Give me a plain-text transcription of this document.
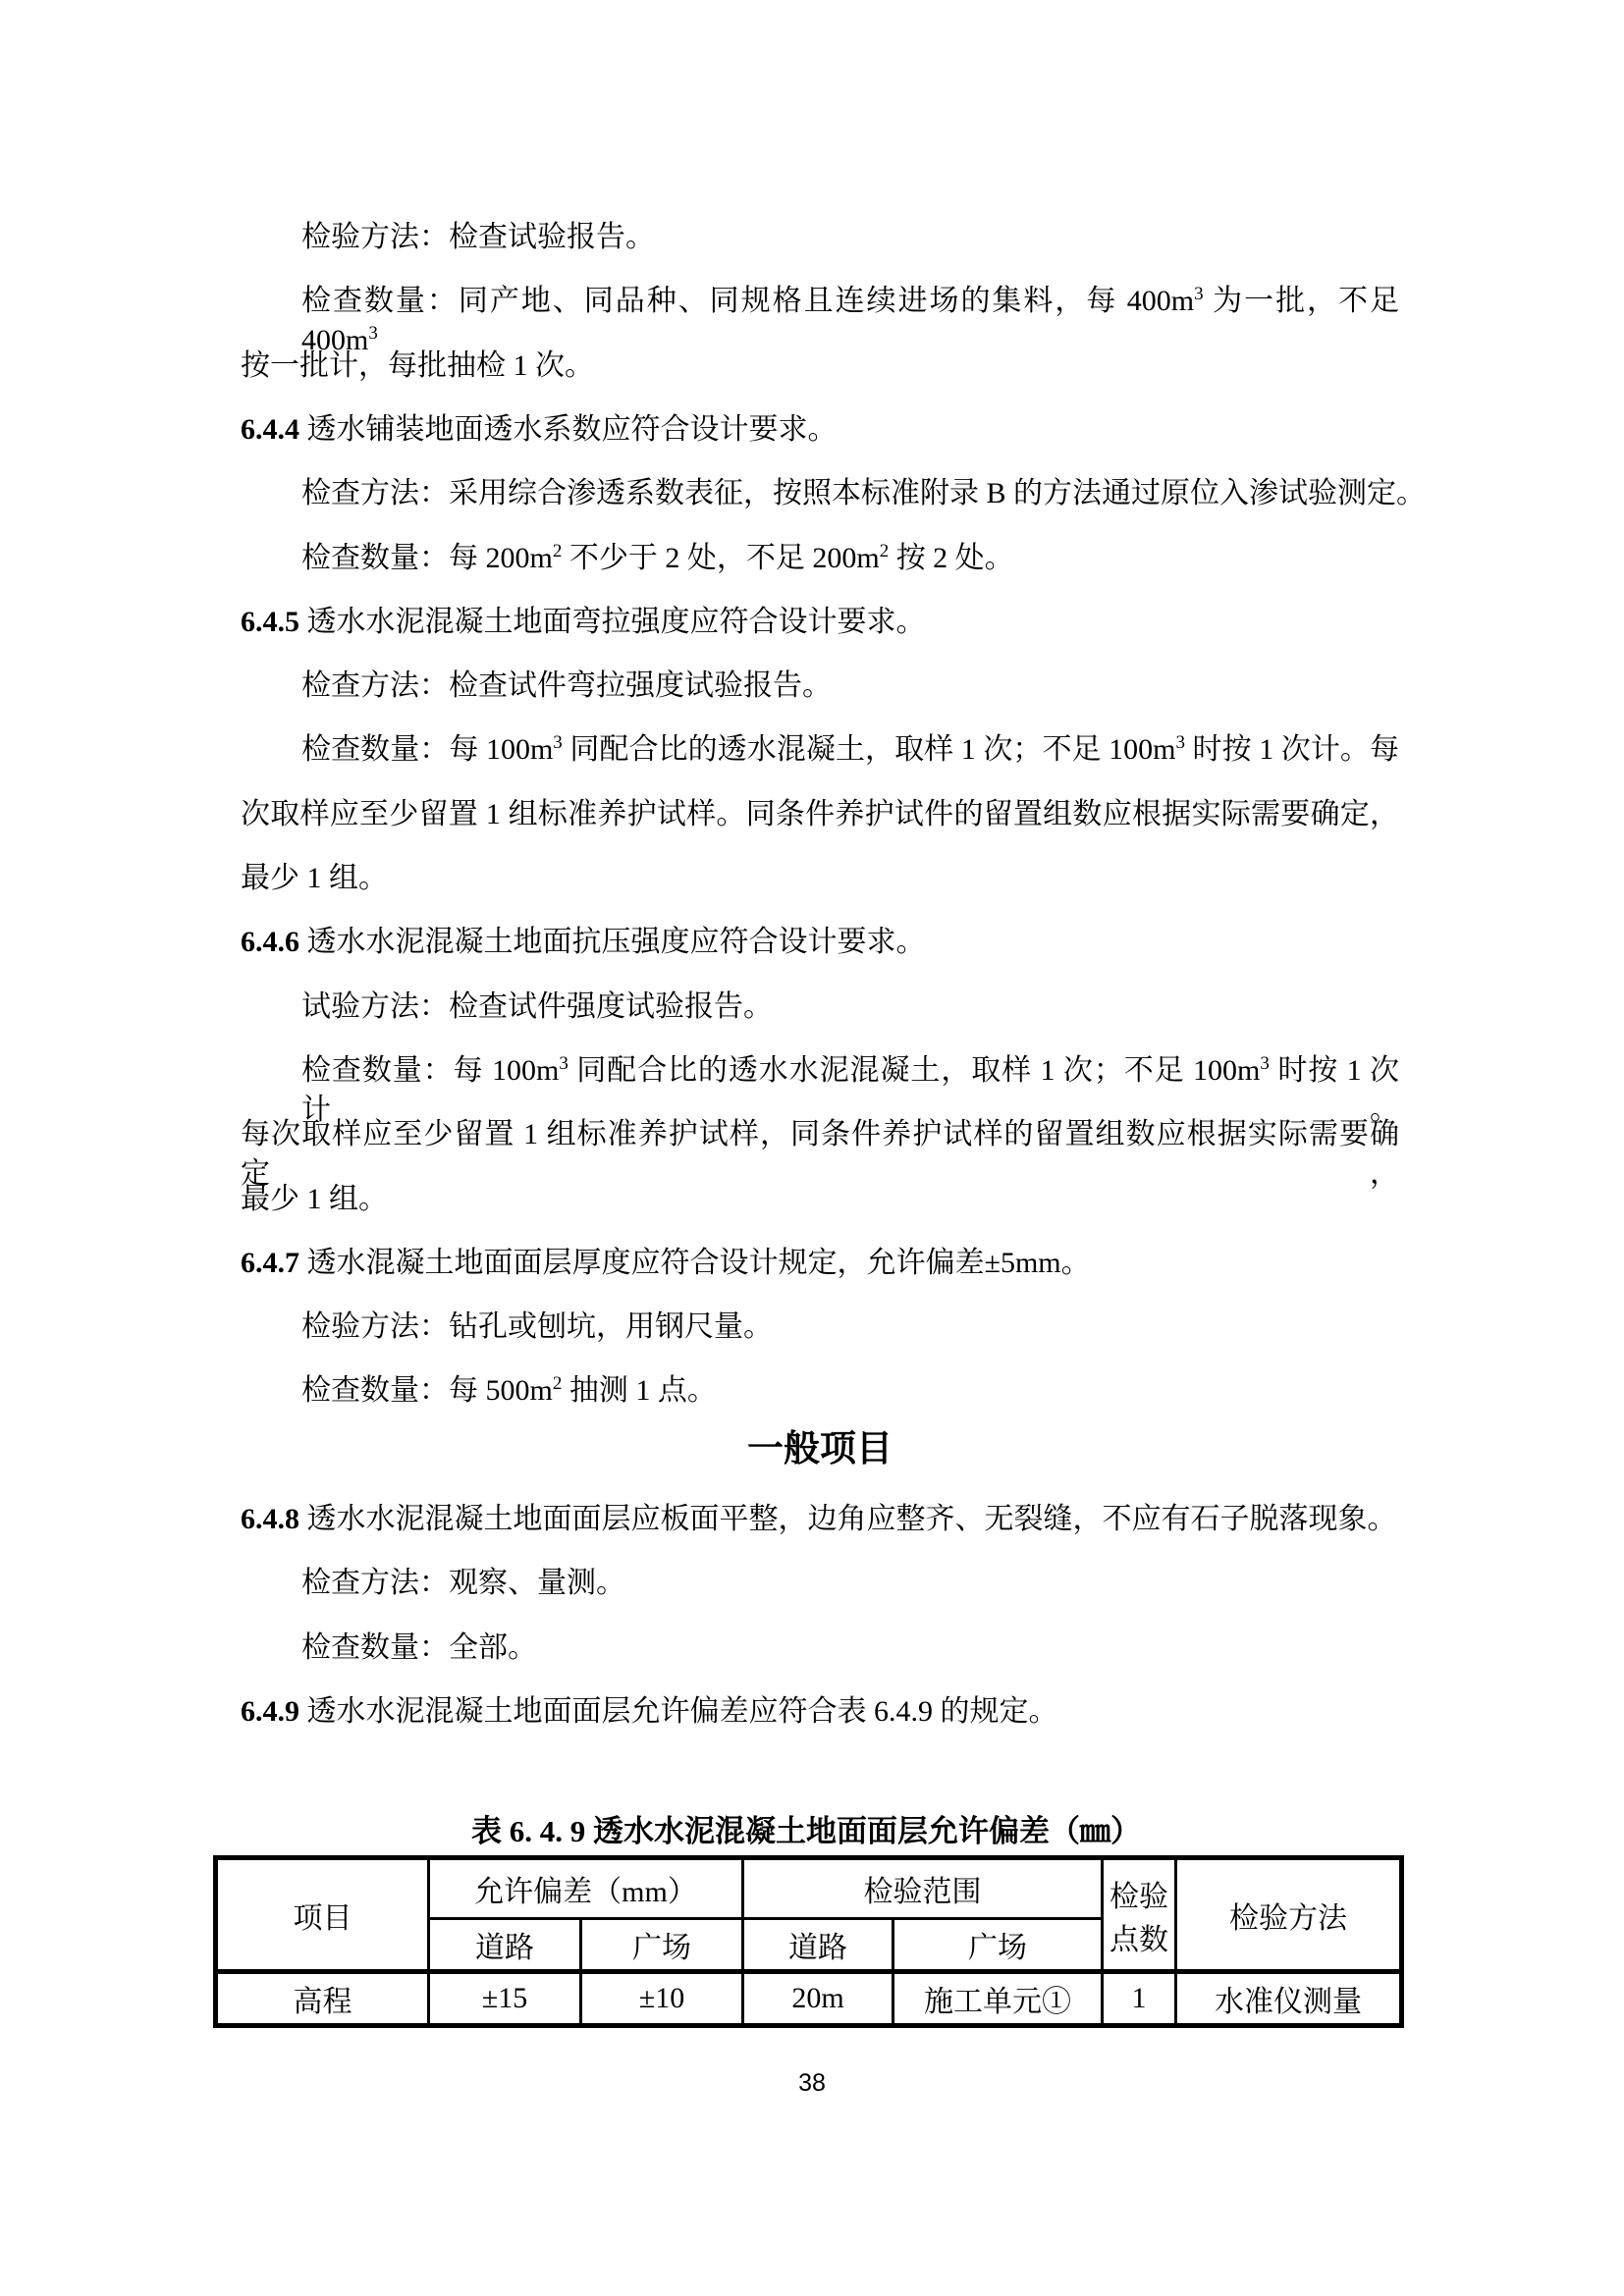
检验方法：检查试验报告。
检查数量：同产地、同品种、同规格且连续进场的集料，每 $400m^3$ 为一批，不足 $400m^3$
按一批计，每批抽检 1 次。
6.4.4 透水铺装地面透水系数应符合设计要求。
检查方法：采用综合渗透系数表征，按照本标准附录 B 的方法通过原位入渗试验测定。
检查数量：每 $200m^2$ 不少于 2 处，不足 $200m^2$ 按 2 处。
6.4.5 透水水泥混凝土地面弯拉强度应符合设计要求。
检查方法：检查试件弯拉强度试验报告。
检查数量：每 $100m^3$ 同配合比的透水混凝土，取样 1 次；不足 $100m^3$ 时按 1 次计。每
次取样应至少留置 1 组标准养护试样。同条件养护试件的留置组数应根据实际需要确定，
最少 1 组。
6.4.6 透水水泥混凝土地面抗压强度应符合设计要求。
试验方法：检查试件强度试验报告。
检查数量：每 $100m^3$ 同配合比的透水水泥混凝土，取样 1 次；不足 $100m^3$ 时按 1 次计。
每次取样应至少留置 1 组标准养护试样，同条件养护试样的留置组数应根据实际需要确定，
最少 1 组。
6.4.7 透水混凝土地面面层厚度应符合设计规定，允许偏差±5mm。
检验方法：钻孔或刨坑，用钢尺量。
检查数量：每 $500m^2$ 抽测 1 点。
一般项目
6.4.8 透水水泥混凝土地面面层应板面平整，边角应整齐、无裂缝，不应有石子脱落现象。
检查方法：观察、量测。
检查数量：全部。
6.4.9 透水水泥混凝土地面面层允许偏差应符合表 6.4.9 的规定。
表 6. 4. 9 透水水泥混凝土地面面层允许偏差（㎜）
项目	允许偏差（mm）		检验范围		检验点数	检验方法
	道路	广场	道路	广场		
高程	±15	±10	20m	施工单元①	1	水准仪测量
38
